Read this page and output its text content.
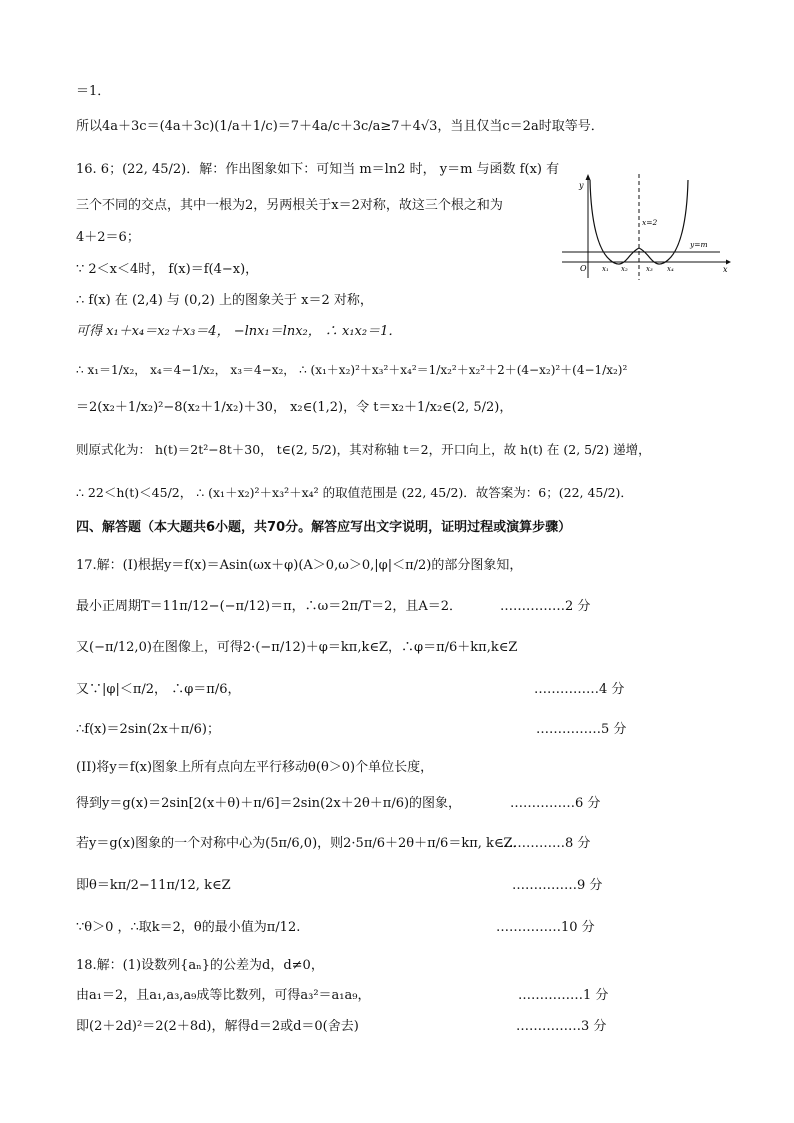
＝1．
所以4a＋3c＝(4a＋3c)(1/a＋1/c)＝7＋4a/c＋3c/a≥7＋4√3，当且仅当c＝2a时取等号．
16. 6；(22, 45/2)．解：作出图象如下：可知当 m＝ln2 时， y＝m 与函数 f(x) 有
三个不同的交点，其中一根为2，另两根关于x＝2对称，故这三个根之和为
4＋2＝6；
∵ 2＜x＜4时， f(x)＝f(4−x)，
∴ f(x) 在 (2,4) 与 (0,2) 上的图象关于 x＝2 对称，
可得 x₁＋x₄＝x₂＋x₃＝4， −lnx₁＝lnx₂， ∴ x₁x₂＝1．
∴ x₁＝1/x₂， x₄＝4−1/x₂， x₃＝4−x₂， ∴ (x₁＋x₂)²＋x₃²＋x₄²＝1/x₂²＋x₂²＋2＋(4−x₂)²＋(4−1/x₂)²
＝2(x₂＋1/x₂)²−8(x₂＋1/x₂)＋30， x₂∈(1,2)，令 t＝x₂＋1/x₂∈(2, 5/2)，
则原式化为： h(t)＝2t²−8t＋30， t∈(2, 5/2)，其对称轴 t＝2，开口向上，故 h(t) 在 (2, 5/2) 递增，
∴ 22＜h(t)＜45/2， ∴ (x₁＋x₂)²＋x₃²＋x₄² 的取值范围是 (22, 45/2)．故答案为：6；(22, 45/2)．
四、解答题（本大题共6小题，共70分。解答应写出文字说明，证明过程或演算步骤）
17.解：(I)根据y＝f(x)＝Asin(ωx＋φ)(A＞0,ω＞0,|φ|＜π/2)的部分图象知，
最小正周期T＝11π/12−(−π/12)＝π，∴ω＝2π/T＝2，且A＝2．
又(−π/12,0)在图像上，可得2·(−π/12)＋φ＝kπ,k∈Z，∴φ＝π/6＋kπ,k∈Z
又∵|φ|＜π/2， ∴φ＝π/6，
∴f(x)＝2sin(2x＋π/6)；
(II)将y＝f(x)图象上所有点向左平行移动θ(θ＞0)个单位长度，
得到y＝g(x)＝2sin[2(x＋θ)＋π/6]＝2sin(2x＋2θ＋π/6)的图象，
若y＝g(x)图象的一个对称中心为(5π/6,0)，则2·5π/6＋2θ＋π/6＝kπ, k∈Z．
即θ＝kπ/2−11π/12, k∈Z
∵θ＞0 ，∴取k＝2，θ的最小值为π/12.
18.解：(1)设数列{aₙ}的公差为d，d≠0，
由a₁＝2，且a₁,a₃,a₉成等比数列，可得a₃²＝a₁a₉，
即(2＋2d)²＝2(2＋8d)，解得d＝2或d＝0(舍去)
……………2 分
……………4 分
……………5 分
……………6 分
……………8 分
……………9 分
……………10 分
……………1 分
……………3 分
y
x
O
x=2
y=m
x₁ x₂	x₃ x₄
